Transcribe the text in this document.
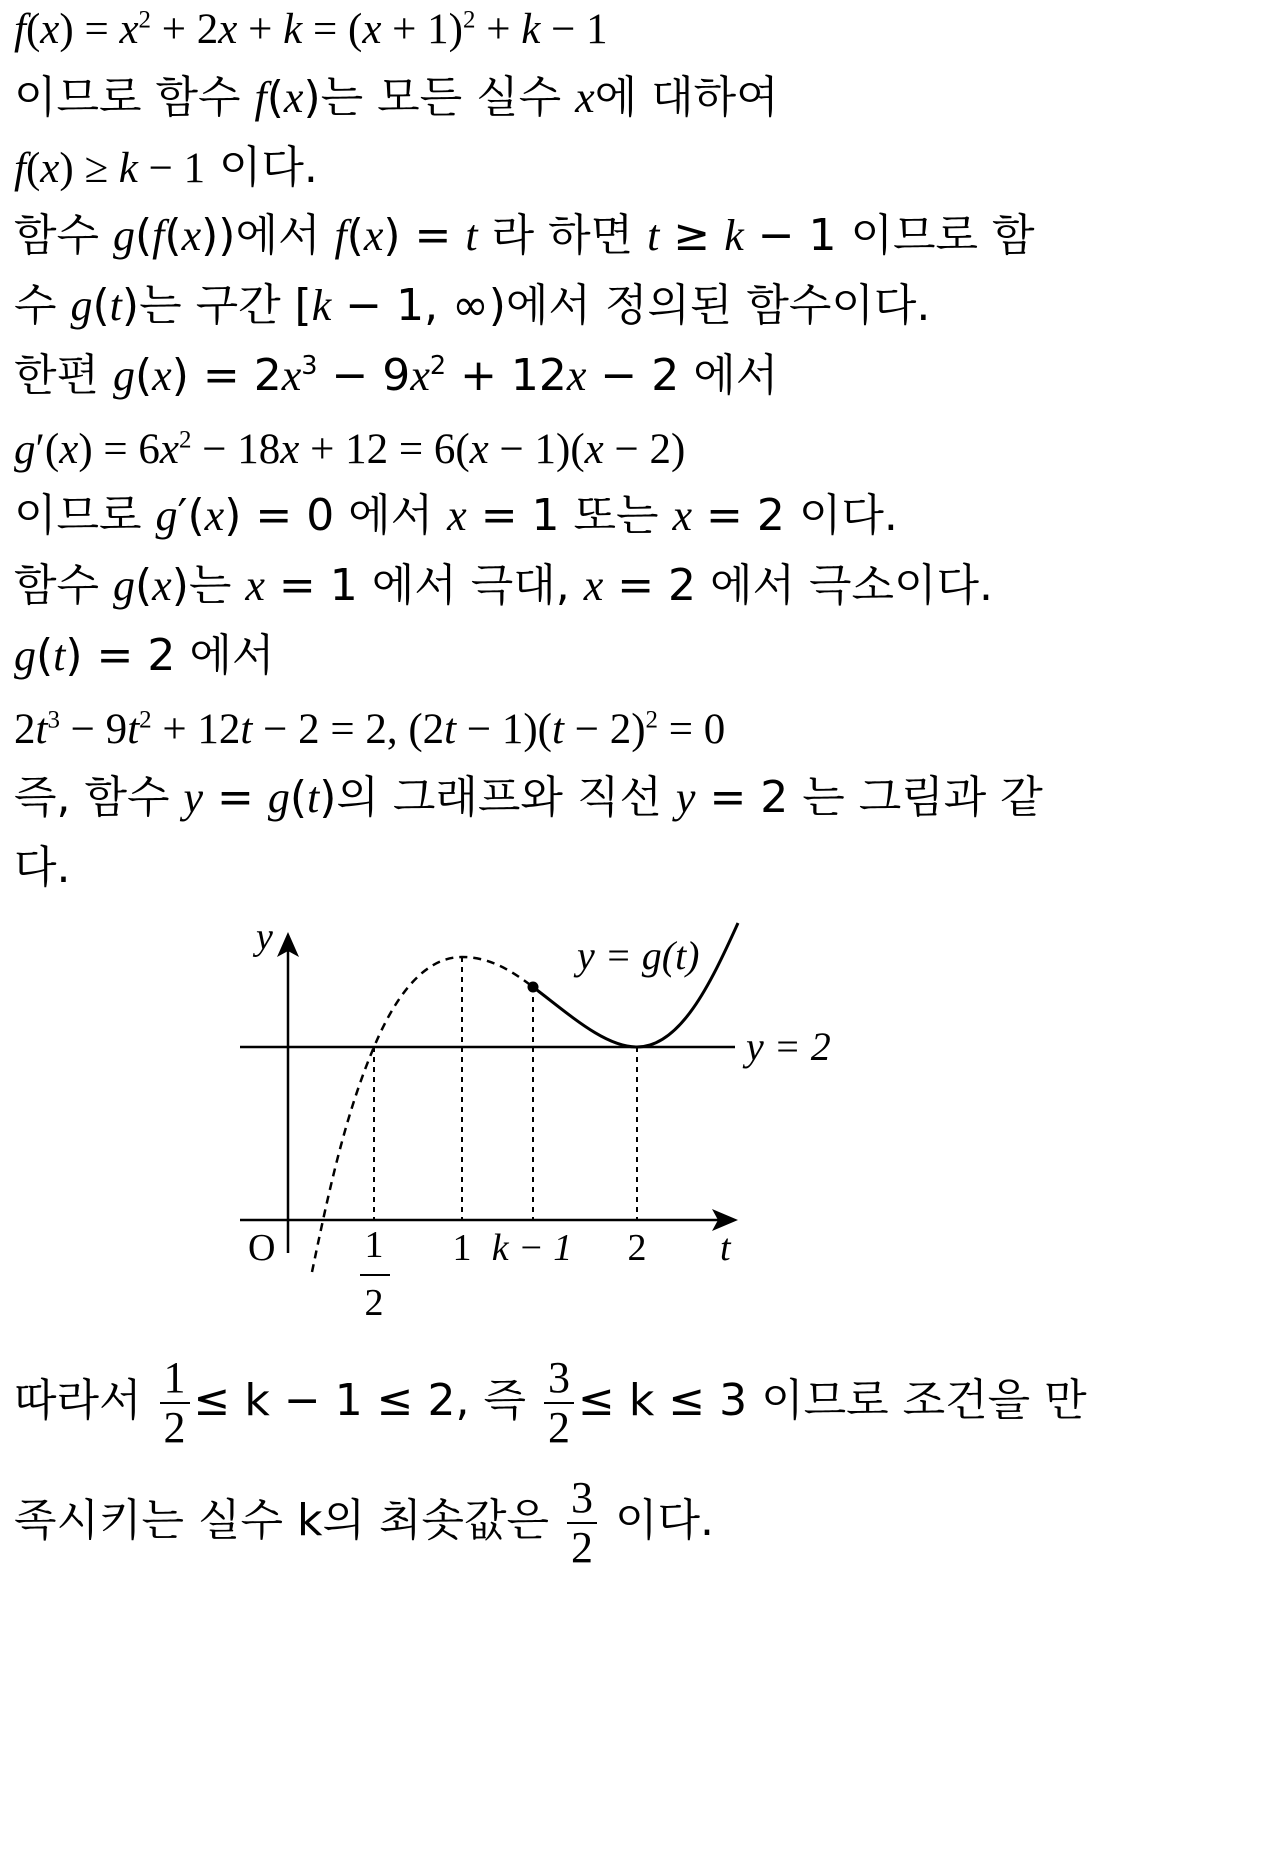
$f(x) = x^2 + 2x + k = (x + 1)^2 + k - 1$
이므로 함수 f(x)는 모든 실수 x에 대하여
f(x) ≥ k − 1 이다.
함수 g(f(x))에서 f(x) = t 라 하면 t ≥ k − 1 이므로 함
수 g(t)는 구간 [k − 1, ∞)에서 정의된 함수이다.
한편 $g(x) = 2x^3 - 9x^2 + 12x - 2$ 에서
$g'(x) = 6x^2 - 18x + 12 = 6(x - 1)(x - 2)$
이므로 g′(x) = 0 에서 x = 1 또는 x = 2 이다.
함수 g(x)는 x = 1 에서 극대, x = 2 에서 극소이다.
g(t) = 2 에서
$2t^3 - 9t^2 + 12t - 2 = 2$, $(2t - 1)(t - 2)^2 = 0$
즉, 함수 y = g(t)의 그래프와 직선 y = 2 는 그림과 같
다.
y
t
O
y = g(t)
y = 2
1
2
1 k − 1 2
따라서 $\frac{1}{2} \le k - 1 \le 2$, 즉 $\frac{3}{2} \le k \le 3$ 이므로 조건을 만
족시키는 실수 k의 최솟값은 $\frac{3}{2}$ 이다.
